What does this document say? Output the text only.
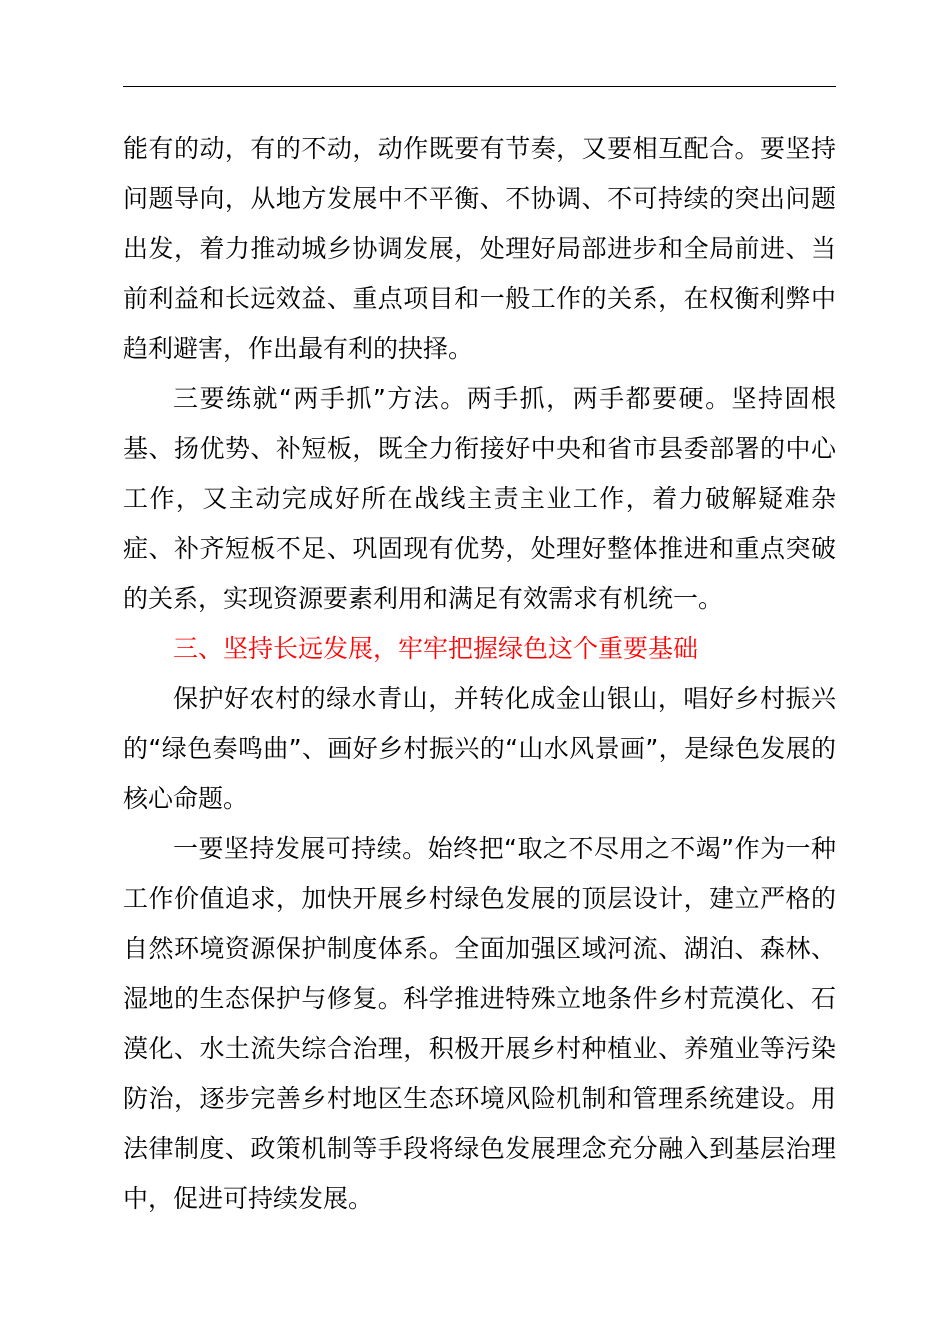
能有的动，有的不动，动作既要有节奏，又要相互配合。要坚持问题导向，从地方发展中不平衡、不协调、不可持续的突出问题出发，着力推动城乡协调发展，处理好局部进步和全局前进、当前利益和长远效益、重点项目和一般工作的关系，在权衡利弊中趋利避害，作出最有利的抉择。

三要练就“两手抓”方法。两手抓，两手都要硬。坚持固根基、扬优势、补短板，既全力衔接好中央和省市县委部署的中心工作，又主动完成好所在战线主责主业工作，着力破解疑难杂症、补齐短板不足、巩固现有优势，处理好整体推进和重点突破的关系，实现资源要素利用和满足有效需求有机统一。

三、坚持长远发展，牢牢把握绿色这个重要基础

保护好农村的绿水青山，并转化成金山银山，唱好乡村振兴的“绿色奏鸣曲”、画好乡村振兴的“山水风景画”，是绿色发展的核心命题。

一要坚持发展可持续。始终把“取之不尽用之不竭”作为一种工作价值追求，加快开展乡村绿色发展的顶层设计，建立严格的自然环境资源保护制度体系。全面加强区域河流、湖泊、森林、湿地的生态保护与修复。科学推进特殊立地条件乡村荒漠化、石漠化、水土流失综合治理，积极开展乡村种植业、养殖业等污染防治，逐步完善乡村地区生态环境风险机制和管理系统建设。用法律制度、政策机制等手段将绿色发展理念充分融入到基层治理中，促进可持续发展。
